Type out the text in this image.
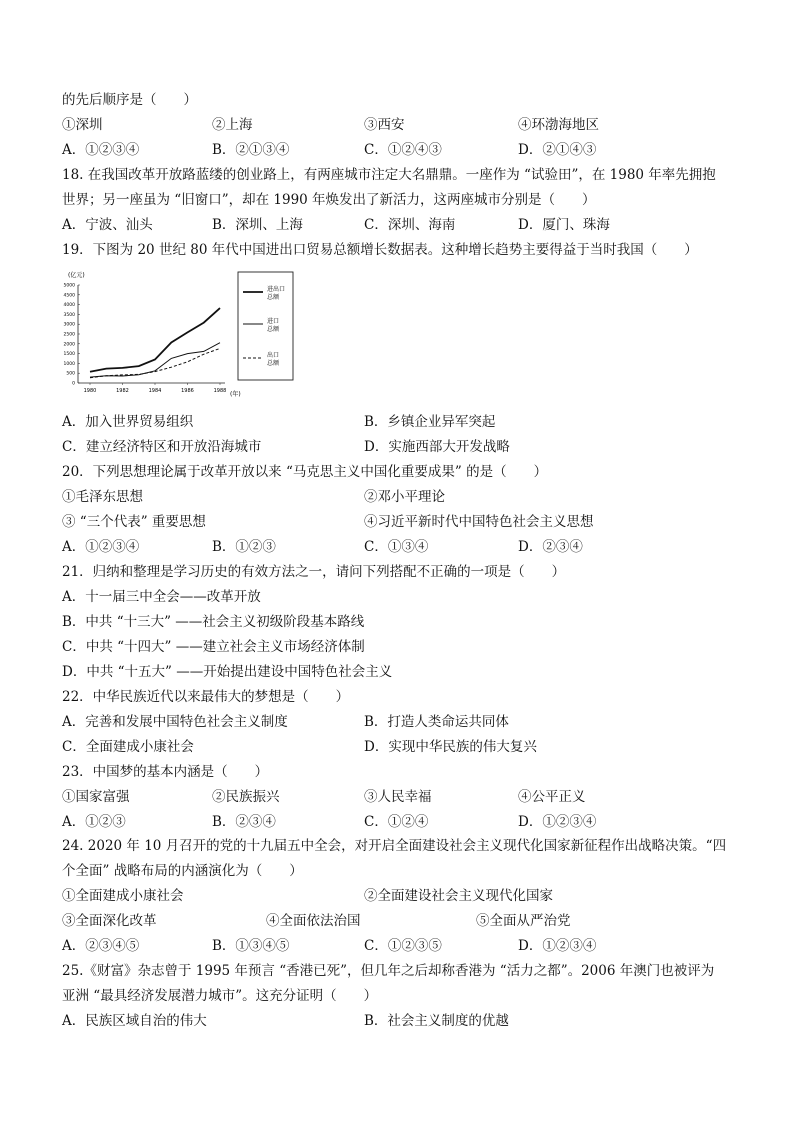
的先后顺序是（　　）
①深圳	②上海	③西安	④环渤海地区
A．①②③④	B．②①③④	C．①②④③	D．②①④③
18. 在我国改革开放路蓝缕的创业路上，有两座城市注定大名鼎鼎。一座作为 “试验田”，在 1980 年率先拥抱
世界；另一座虽为 “旧窗口”，却在 1990 年焕发出了新活力，这两座城市分别是（　　）
A．宁波、汕头	B．深圳、上海	C．深圳、海南	D．厦门、珠海
19．下图为 20 世纪 80 年代中国进出口贸易总额增长数据表。这种增长趋势主要得益于当时我国（　　）
(亿元)
(年)
进出口
总额
进口
总额
出口
总额
0
500
1000
1500
2000
2500
3000
3500
4000
4500
5000
1980	1982	1984	1986	1988
A．加入世界贸易组织	B．乡镇企业异军突起
C．建立经济特区和开放沿海城市	D．实施西部大开发战略
20．下列思想理论属于改革开放以来 “马克思主义中国化重要成果” 的是（　　）
①毛泽东思想	②邓小平理论
③ “三个代表” 重要思想	④习近平新时代中国特色社会主义思想
A．①②③④	B．①②③	C．①③④	D．②③④
21．归纳和整理是学习历史的有效方法之一，请问下列搭配不正确的一项是（　　）
A．十一届三中全会——改革开放
B．中共 “十三大” ——社会主义初级阶段基本路线
C．中共 “十四大” ——建立社会主义市场经济体制
D．中共 “十五大” ——开始提出建设中国特色社会主义
22．中华民族近代以来最伟大的梦想是（　　）
A．完善和发展中国特色社会主义制度	B．打造人类命运共同体
C．全面建成小康社会	D．实现中华民族的伟大复兴
23．中国梦的基本内涵是（　　）
①国家富强	②民族振兴	③人民幸福	④公平正义
A．①②③	B．②③④	C．①②④	D．①②③④
24. 2020 年 10 月召开的党的十九届五中全会，对开启全面建设社会主义现代化国家新征程作出战略决策。“四
个全面” 战略布局的内涵演化为（　　）
①全面建成小康社会	②全面建设社会主义现代化国家
③全面深化改革	④全面依法治国	⑤全面从严治党
A．②③④⑤	B．①③④⑤	C．①②③⑤	D．①②③④
25.《财富》杂志曾于 1995 年预言 “香港已死”，但几年之后却称香港为 “活力之都”。2006 年澳门也被评为
亚洲 “最具经济发展潜力城市”。这充分证明（　　）
A．民族区域自治的伟大	B．社会主义制度的优越
